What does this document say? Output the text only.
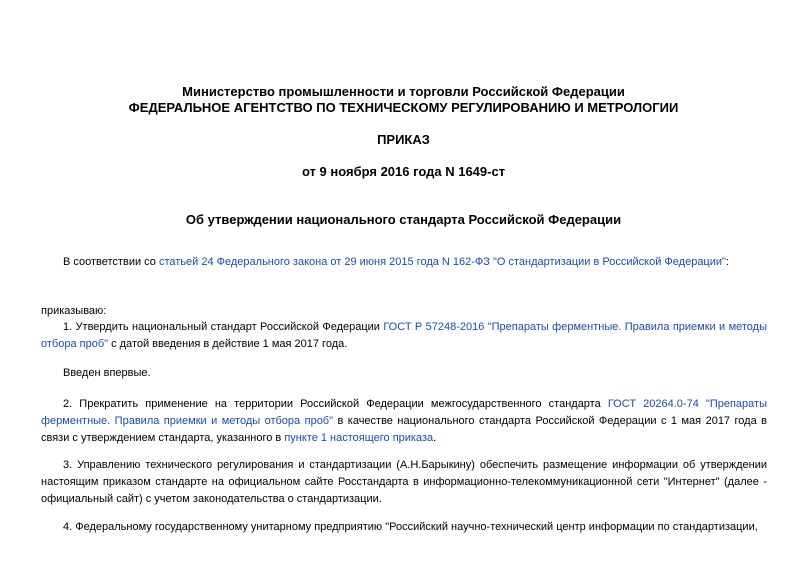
Министерство промышленности и торговли Российской Федерации
ФЕДЕРАЛЬНОЕ АГЕНТСТВО ПО ТЕХНИЧЕСКОМУ РЕГУЛИРОВАНИЮ И МЕТРОЛОГИИ
ПРИКАЗ
от 9 ноября 2016 года N 1649-ст
Об утверждении национального стандарта Российской Федерации
В соответствии со статьей 24 Федерального закона от 29 июня 2015 года N 162-ФЗ "О стандартизации в Российской Федерации":
приказываю:
1. Утвердить национальный стандарт Российской Федерации ГОСТ Р 57248-2016 "Препараты ферментные. Правила приемки и методы отбора проб" с датой введения в действие 1 мая 2017 года.
Введен впервые.
2. Прекратить применение на территории Российской Федерации межгосударственного стандарта ГОСТ 20264.0-74 "Препараты ферментные. Правила приемки и методы отбора проб" в качестве национального стандарта Российской Федерации с 1 мая 2017 года в связи с утверждением стандарта, указанного в пункте 1 настоящего приказа.
3. Управлению технического регулирования и стандартизации (А.Н.Барыкину) обеспечить размещение информации об утверждении настоящим приказом стандарте на официальном сайте Росстандарта в информационно-телекоммуникационной сети "Интернет" (далее - официальный сайт) с учетом законодательства о стандартизации.
4. Федеральному государственному унитарному предприятию "Российский научно-технический центр информации по стандартизации,
